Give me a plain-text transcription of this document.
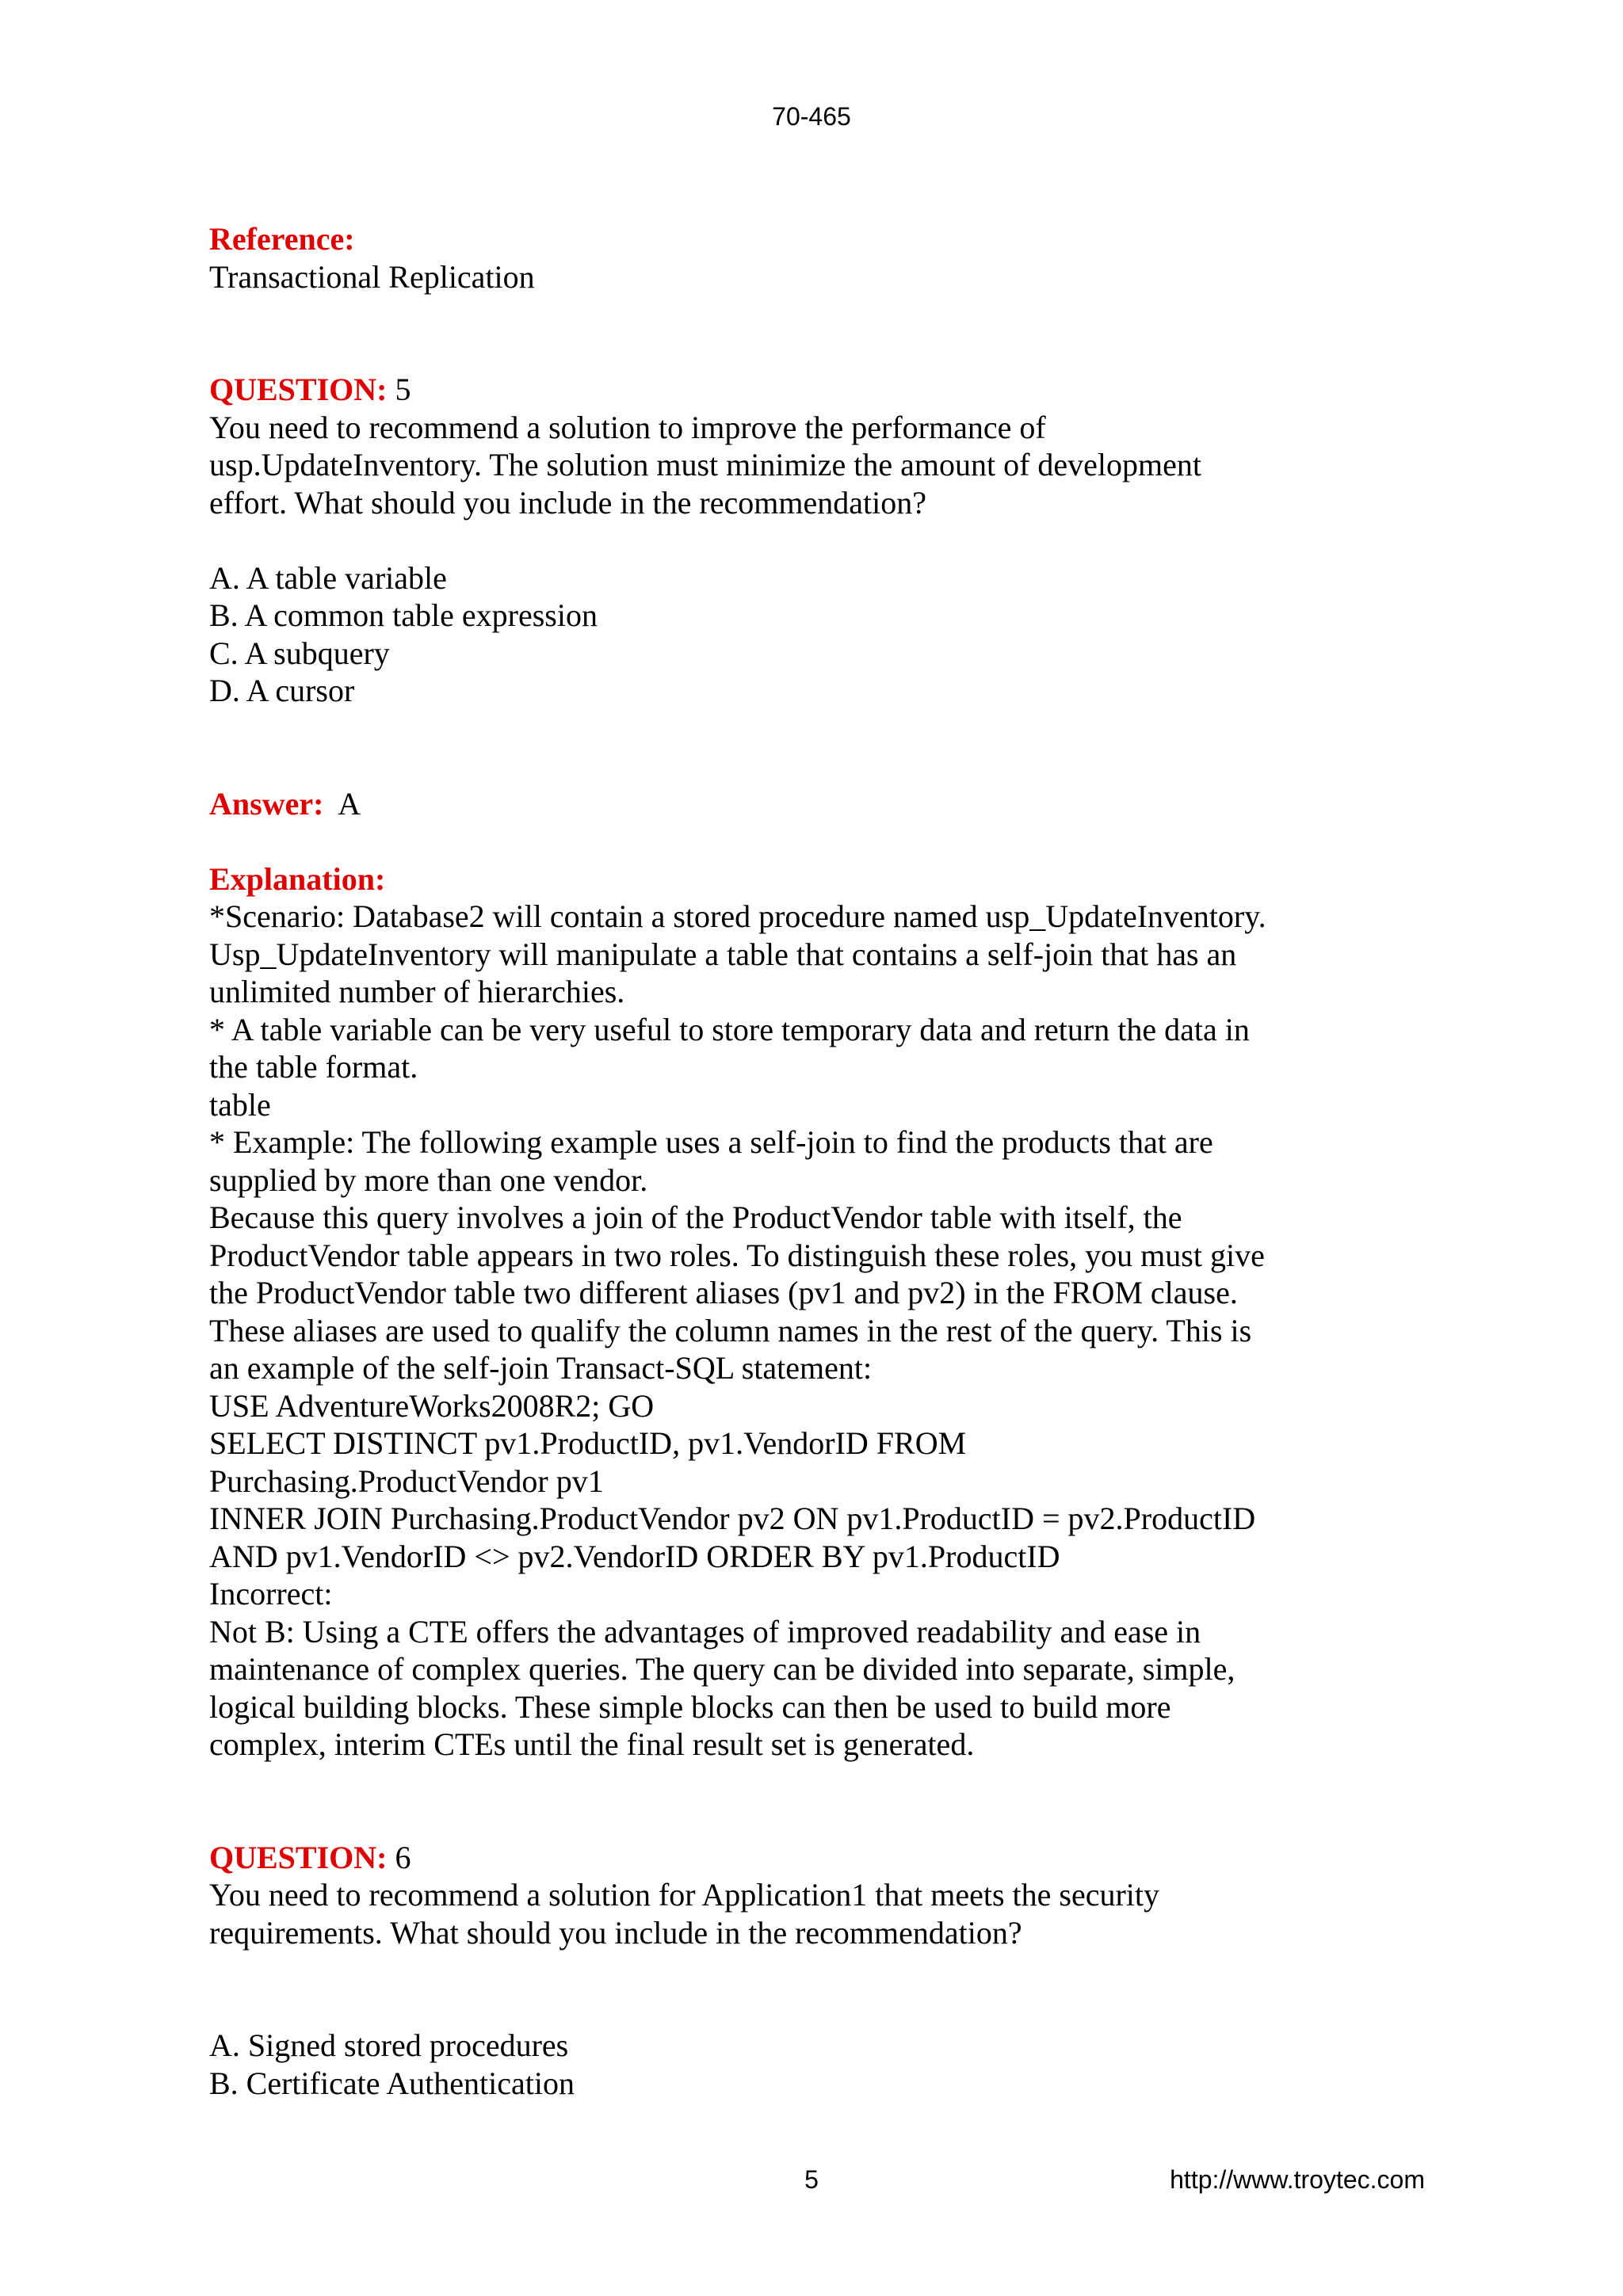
70-465
Reference:
Transactional Replication
QUESTION: 5
You need to recommend a solution to improve the performance of
usp.UpdateInventory. The solution must minimize the amount of development
effort. What should you include in the recommendation?
A. A table variable
B. A common table expression
C. A subquery
D. A cursor
Answer: A
Explanation:
*Scenario: Database2 will contain a stored procedure named usp_UpdateInventory.
Usp_UpdateInventory will manipulate a table that contains a self-join that has an
unlimited number of hierarchies.
* A table variable can be very useful to store temporary data and return the data in
the table format.
table
* Example: The following example uses a self-join to find the products that are
supplied by more than one vendor.
Because this query involves a join of the ProductVendor table with itself, the
ProductVendor table appears in two roles. To distinguish these roles, you must give
the ProductVendor table two different aliases (pv1 and pv2) in the FROM clause.
These aliases are used to qualify the column names in the rest of the query. This is
an example of the self-join Transact-SQL statement:
USE AdventureWorks2008R2; GO
SELECT DISTINCT pv1.ProductID, pv1.VendorID FROM
Purchasing.ProductVendor pv1
INNER JOIN Purchasing.ProductVendor pv2 ON pv1.ProductID = pv2.ProductID
AND pv1.VendorID <> pv2.VendorID ORDER BY pv1.ProductID
Incorrect:
Not B: Using a CTE offers the advantages of improved readability and ease in
maintenance of complex queries. The query can be divided into separate, simple,
logical building blocks. These simple blocks can then be used to build more
complex, interim CTEs until the final result set is generated.
QUESTION: 6
You need to recommend a solution for Application1 that meets the security
requirements. What should you include in the recommendation?
A. Signed stored procedures
B. Certificate Authentication
5	http://www.troytec.com
